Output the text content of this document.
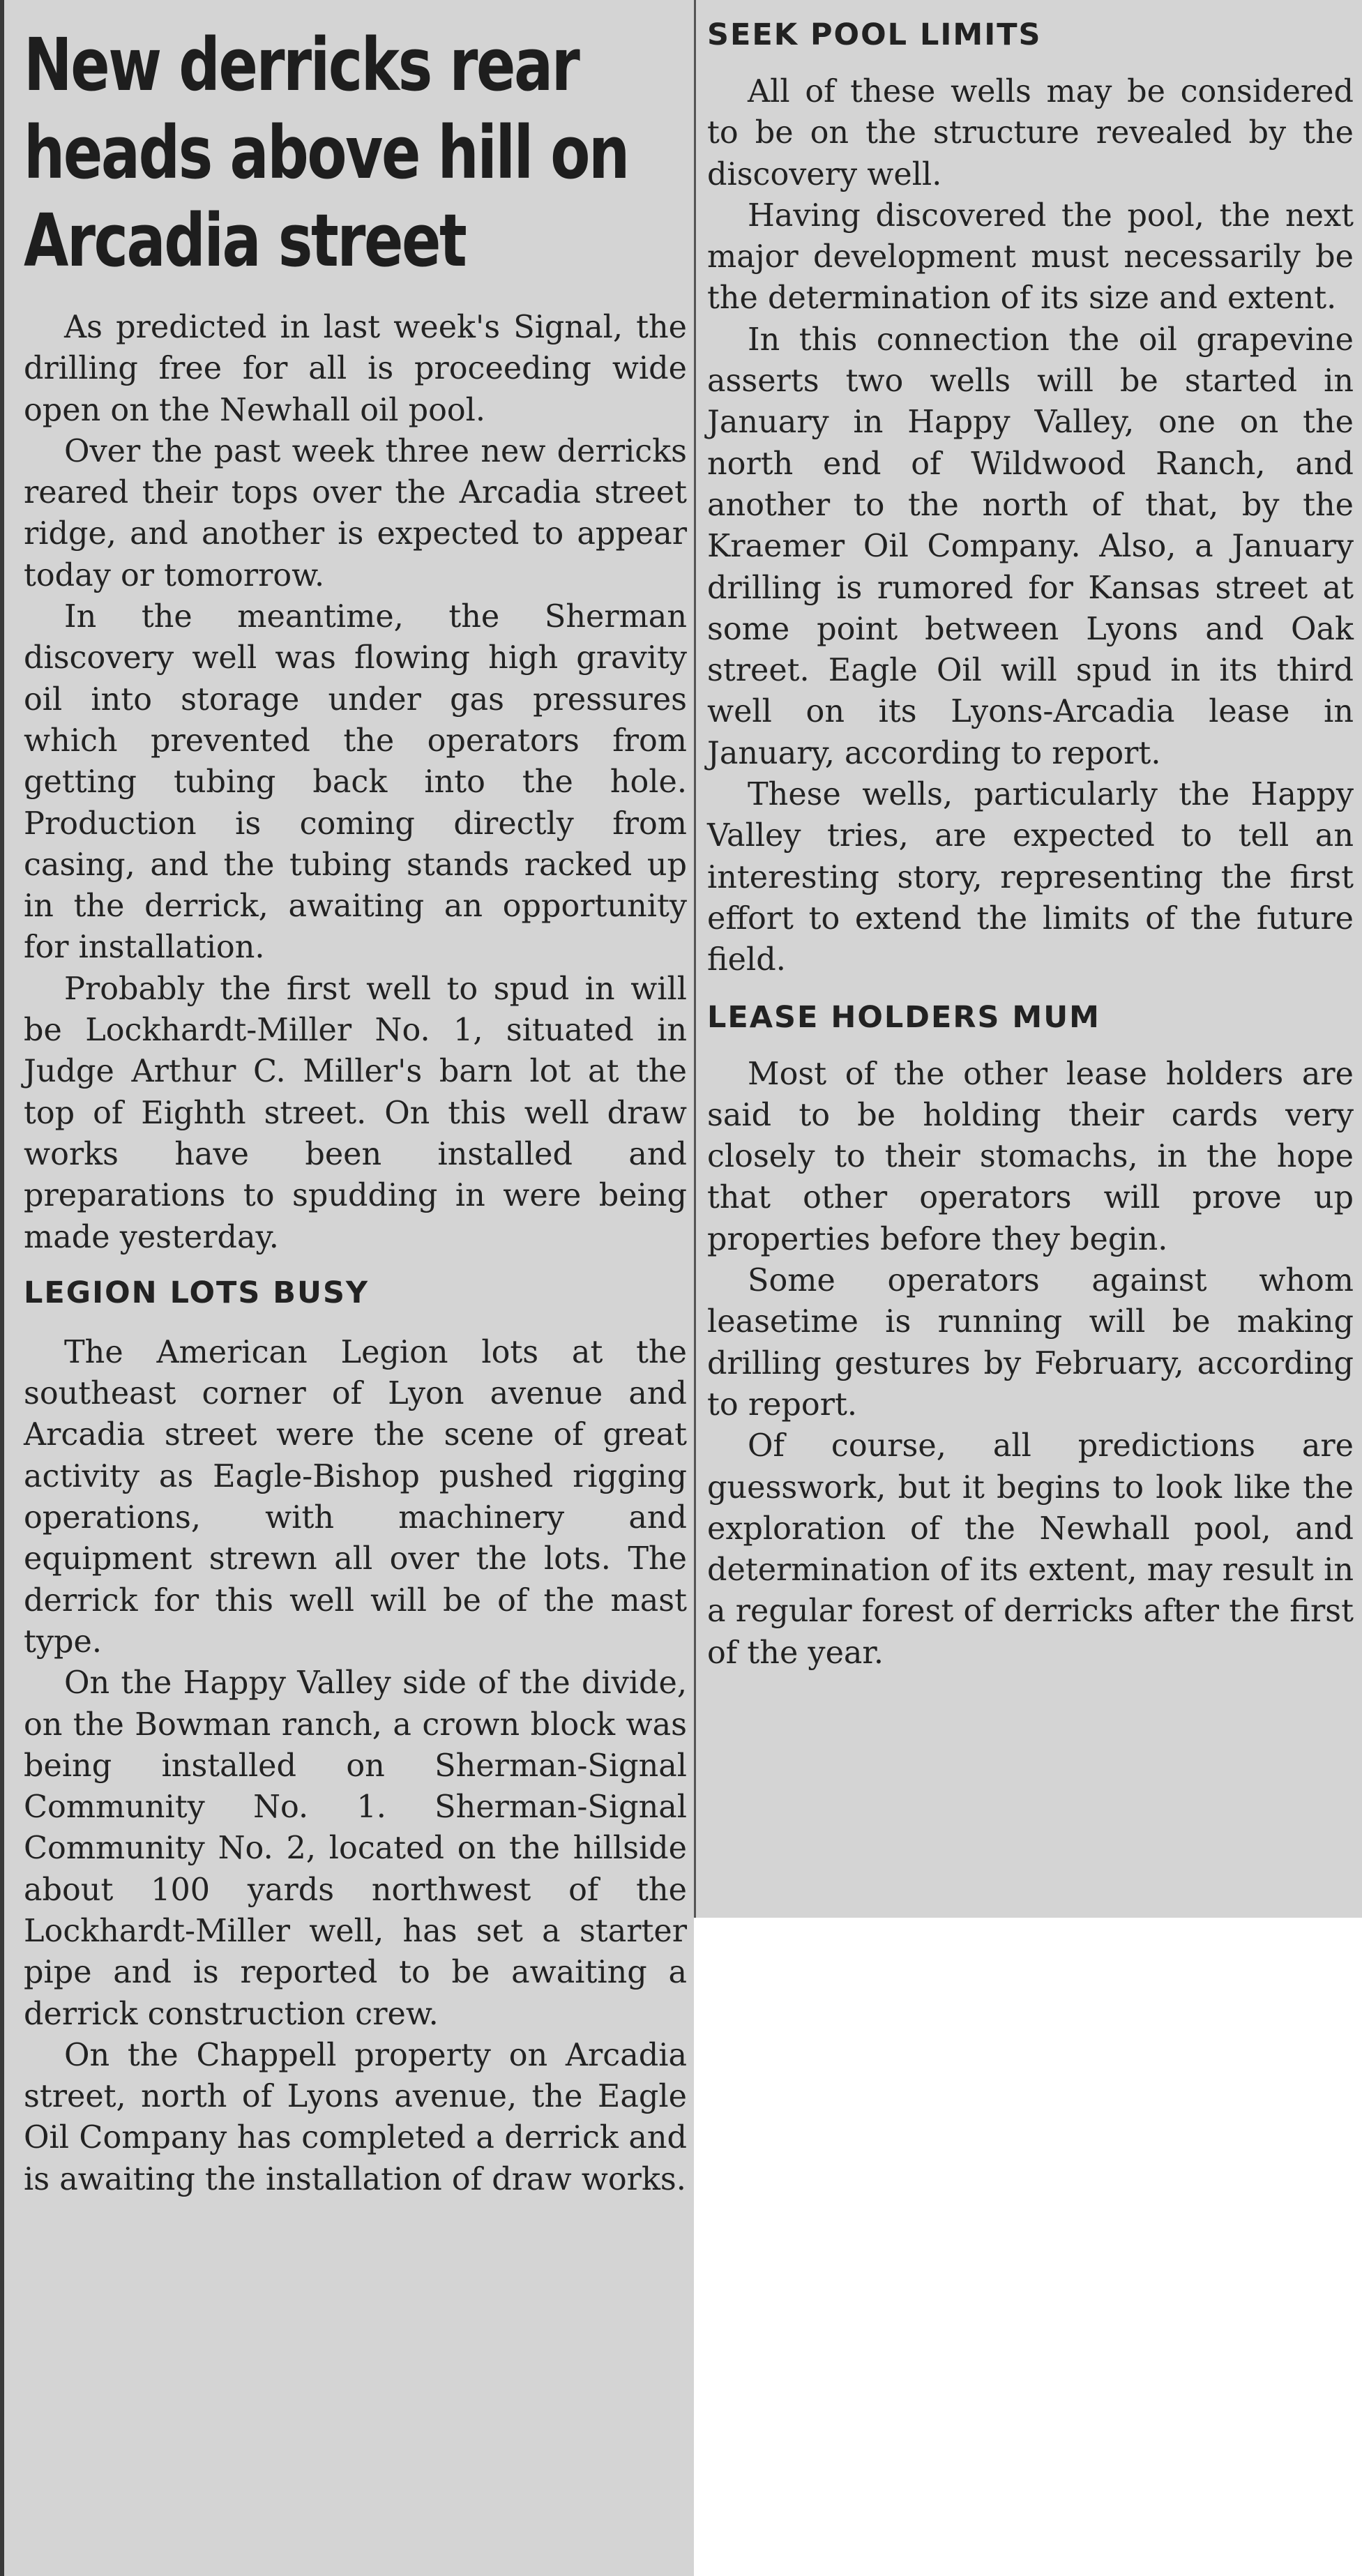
New derricks rear heads above hill on Arcadia street

As predicted in last week's Signal, the drilling free for all is proceeding wide open on the Newhall oil pool.

Over the past week three new derricks reared their tops over the Arcadia street ridge, and another is expected to appear today or tomorrow.

In the meantime, the Sherman discovery well was flowing high gravity oil into storage under gas pressures which prevented the operators from getting tubing back into the hole. Production is coming directly from casing, and the tubing stands racked up in the derrick, awaiting an opportunity for installation.

Probably the first well to spud in will be Lockhardt-Miller No. 1, situated in Judge Arthur C. Miller's barn lot at the top of Eighth street. On this well draw works have been installed and preparations to spudding in were being made yesterday.

LEGION LOTS BUSY

The American Legion lots at the southeast corner of Lyon avenue and Arcadia street were the scene of great activity as Eagle-Bishop pushed rigging operations, with machinery and equipment strewn all over the lots. The derrick for this well will be of the mast type.

On the Happy Valley side of the divide, on the Bowman ranch, a crown block was being installed on Sherman-Signal Community No. 1. Sherman-Signal Community No. 2, located on the hillside about 100 yards northwest of the Lockhardt-Miller well, has set a starter pipe and is reported to be awaiting a derrick construction crew.

On the Chappell property on Arcadia street, north of Lyons avenue, the Eagle Oil Company has completed a derrick and is awaiting the installation of draw works.

SEEK POOL LIMITS

All of these wells may be considered to be on the structure revealed by the discovery well.

Having discovered the pool, the next major development must necessarily be the determination of its size and extent.

In this connection the oil grapevine asserts two wells will be started in January in Happy Valley, one on the north end of Wildwood Ranch, and another to the north of that, by the Kraemer Oil Company. Also, a January drilling is rumored for Kansas street at some point between Lyons and Oak street. Eagle Oil will spud in its third well on its Lyons-Arcadia lease in January, according to report.

These wells, particularly the Happy Valley tries, are expected to tell an interesting story, representing the first effort to extend the limits of the future field.

LEASE HOLDERS MUM

Most of the other lease holders are said to be holding their cards very closely to their stomachs, in the hope that other operators will prove up properties before they begin.

Some operators against whom leasetime is running will be making drilling gestures by February, according to report.

Of course, all predictions are guesswork, but it begins to look like the exploration of the Newhall pool, and determination of its extent, may result in a regular forest of derricks after the first of the year.
